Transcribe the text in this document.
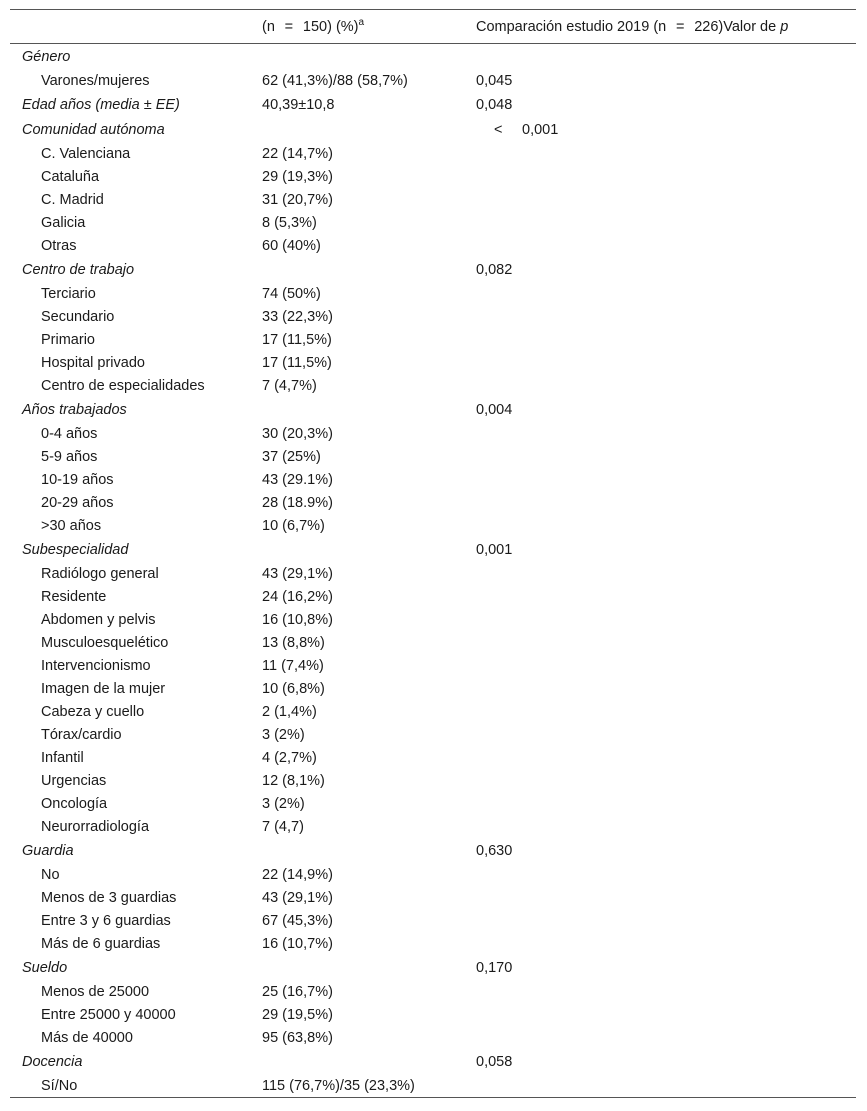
	(n = 150) (%)$^a$	Comparación estudio 2019 (n = 226)Valor de p
Género		
Varones/mujeres	62 (41,3%)/88 (58,7%)	0,045
Edad años (media ± EE)	40,39±10,8	0,048
Comunidad autónoma		< 0,001
C. Valenciana	22 (14,7%)	
Cataluña	29 (19,3%)	
C. Madrid	31 (20,7%)	
Galicia	8 (5,3%)	
Otras	60 (40%)	
Centro de trabajo		0,082
Terciario	74 (50%)	
Secundario	33 (22,3%)	
Primario	17 (11,5%)	
Hospital privado	17 (11,5%)	
Centro de especialidades	7 (4,7%)	
Años trabajados		0,004
0-4 años	30 (20,3%)	
5-9 años	37 (25%)	
10-19 años	43 (29.1%)	
20-29 años	28 (18.9%)	
>30 años	10 (6,7%)	
Subespecialidad		0,001
Radiólogo general	43 (29,1%)	
Residente	24 (16,2%)	
Abdomen y pelvis	16 (10,8%)	
Musculoesquelético	13 (8,8%)	
Intervencionismo	11 (7,4%)	
Imagen de la mujer	10 (6,8%)	
Cabeza y cuello	2 (1,4%)	
Tórax/cardio	3 (2%)	
Infantil	4 (2,7%)	
Urgencias	12 (8,1%)	
Oncología	3 (2%)	
Neurorradiología	7 (4,7)	
Guardia		0,630
No	22 (14,9%)	
Menos de 3 guardias	43 (29,1%)	
Entre 3 y 6 guardias	67 (45,3%)	
Más de 6 guardias	16 (10,7%)	
Sueldo		0,170
Menos de 25000	25 (16,7%)	
Entre 25000 y 40000	29 (19,5%)	
Más de 40000	95 (63,8%)	
Docencia		0,058
Sí/No	115 (76,7%)/35 (23,3%)	
